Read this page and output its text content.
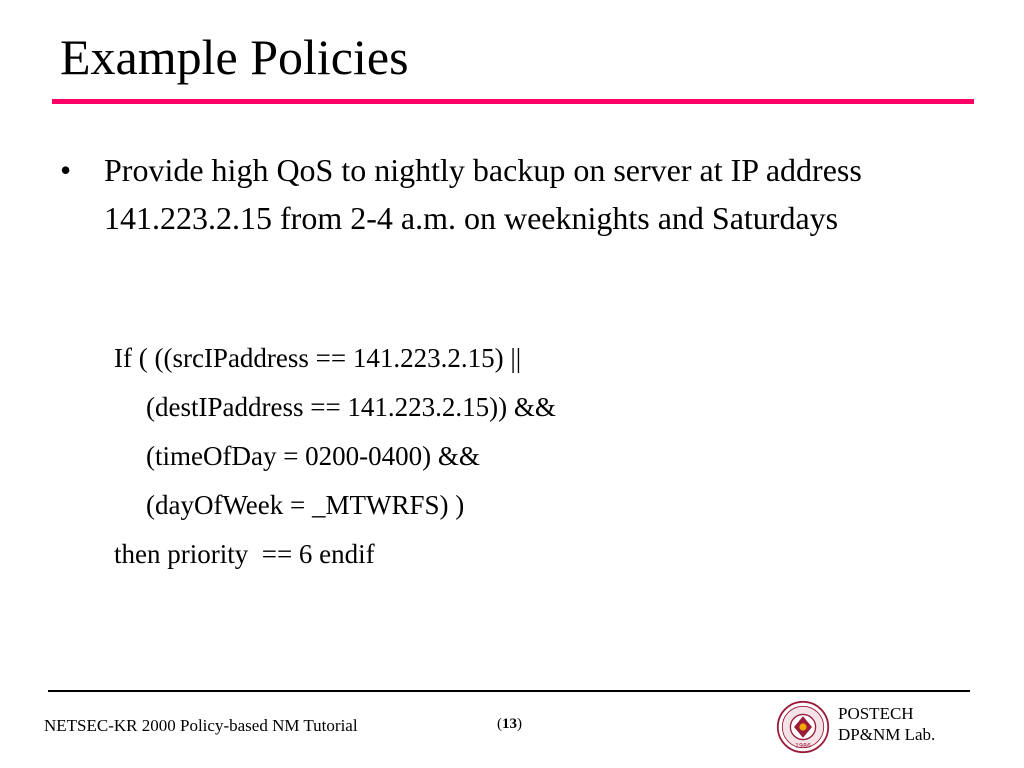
Example Policies
•	Provide high QoS to nightly backup on server at IP address 141.223.2.15 from 2-4 a.m. on weeknights and Saturdays
If ( ((srcIPaddress == 141.223.2.15) ||
(destIPaddress == 141.223.2.15)) &&
(timeOfDay = 0200-0400) &&
(dayOfWeek = _MTWRFS) )
then priority  == 6 endif
NETSEC-KR 2000 Policy-based NM Tutorial	(13)
1986
POSTECH
DP&NM Lab.
